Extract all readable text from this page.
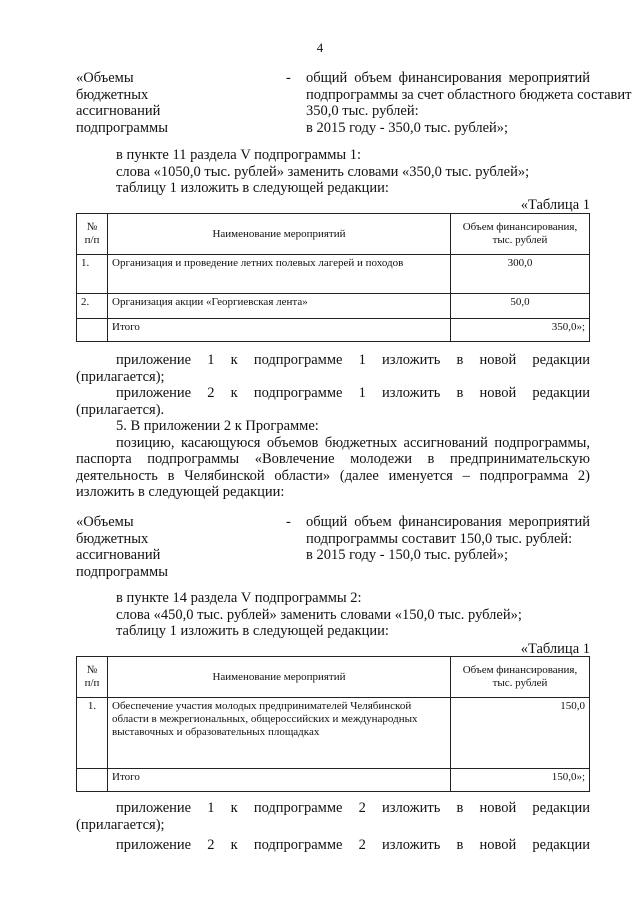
4
«Объемы
бюджетных
ассигнований
подпрограммы
- общий объем финансирования мероприятий
подпрограммы за счет областного бюджета составит
350,0 тыс. рублей:
в 2015 году - 350,0 тыс. рублей»;
в пункте 11 раздела V подпрограммы 1:
слова «1050,0 тыс. рублей» заменить словами «350,0 тыс. рублей»;
таблицу 1 изложить в следующей редакции:
«Таблица 1
№ п/п	Наименование мероприятий	Объем финансирования, тыс. рублей
1.	Организация и проведение летних полевых лагерей и походов	300,0
2.	Организация акции «Георгиевская лента»	50,0
	Итого	350,0»;
приложение 1 к подпрограмме 1 изложить в новой редакции
(прилагается);
приложение 2 к подпрограмме 1 изложить в новой редакции
(прилагается).
5. В приложении 2 к Программе:
позицию, касающуюся объемов бюджетных ассигнований подпрограммы,
паспорта подпрограммы «Вовлечение молодежи в предпринимательскую
деятельность в Челябинской области» (далее именуется – подпрограмма 2)
изложить в следующей редакции:
«Объемы
бюджетных
ассигнований
подпрограммы
- общий объем финансирования мероприятий
подпрограммы составит 150,0 тыс. рублей:
в 2015 году - 150,0 тыс. рублей»;
в пункте 14 раздела V подпрограммы 2:
слова «450,0 тыс. рублей» заменить словами «150,0 тыс. рублей»;
таблицу 1 изложить в следующей редакции:
«Таблица 1
№ п/п	Наименование мероприятий	Объем финансирования, тыс. рублей
1.	Обеспечение участия молодых предпринимателей Челябинской области в межрегиональных, общероссийских и международных выставочных и образовательных площадках	150,0
	Итого	150,0»;
приложение 1 к подпрограмме 2 изложить в новой редакции
(прилагается);
приложение 2 к подпрограмме 2 изложить в новой редакции
